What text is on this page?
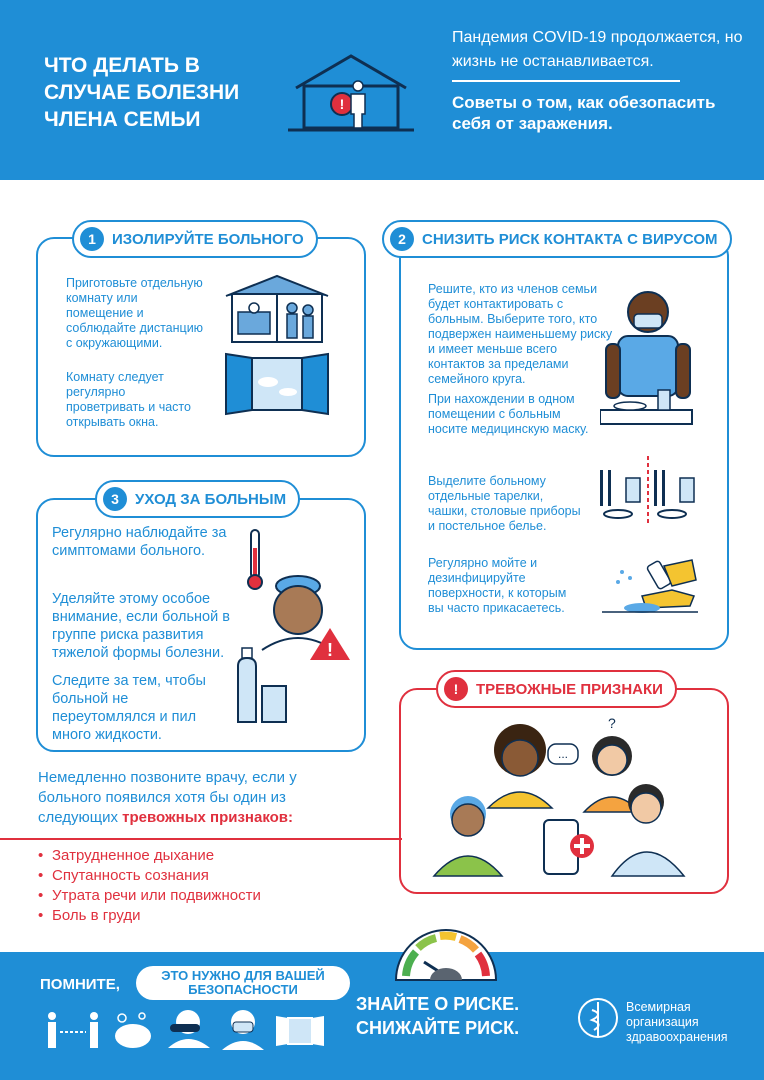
ЧТО ДЕЛАТЬ В СЛУЧАЕ БОЛЕЗНИ ЧЛЕНА СЕМЬИ
!
Пандемия COVID-19 продолжается, но жизнь не останавливается.
Советы о том, как обезопасить себя от заражения.
1	ИЗОЛИРУЙТЕ БОЛЬНОГО
Приготовьте отдельную комнату или помещение и соблюдайте дистанцию с окружающими.
Комнату следует регулярно проветривать и часто открывать окна.
2	СНИЗИТЬ РИСК КОНТАКТА С ВИРУСОМ
Решите, кто из членов семьи будет контактировать с больным. Выберите того, кто подвержен наименьшему риску и имеет меньше всего контактов за пределами семейного круга.
При нахождении в одном помещении с больным носите медицинскую маску.
Выделите больному отдельные тарелки, чашки, столовые приборы и постельное белье.
Регулярно мойте и дезинфицируйте поверхности, к которым вы часто прикасаетесь.
3	УХОД ЗА БОЛЬНЫМ
Регулярно наблюдайте за симптомами больного.
Уделяйте этому особое внимание, если больной в группе риска развития тяжелой формы болезни.
Следите за тем, чтобы больной не переутомлялся и пил много жидкости.
!
!	ТРЕВОЖНЫЕ ПРИЗНАКИ
...
?
Немедленно позвоните врачу, если у больного появился хотя бы один из следующих тревожных признаков:
• Затрудненное дыхание
• Спутанность сознания
• Утрата речи или подвижности
• Боль в груди
ПОМНИТЕ,
ЭТО НУЖНО ДЛЯ ВАШЕЙ БЕЗОПАСНОСТИ
ЗНАЙТЕ О РИСКЕ.
СНИЖАЙТЕ РИСК.
Всемирная организация
здравоохранения
